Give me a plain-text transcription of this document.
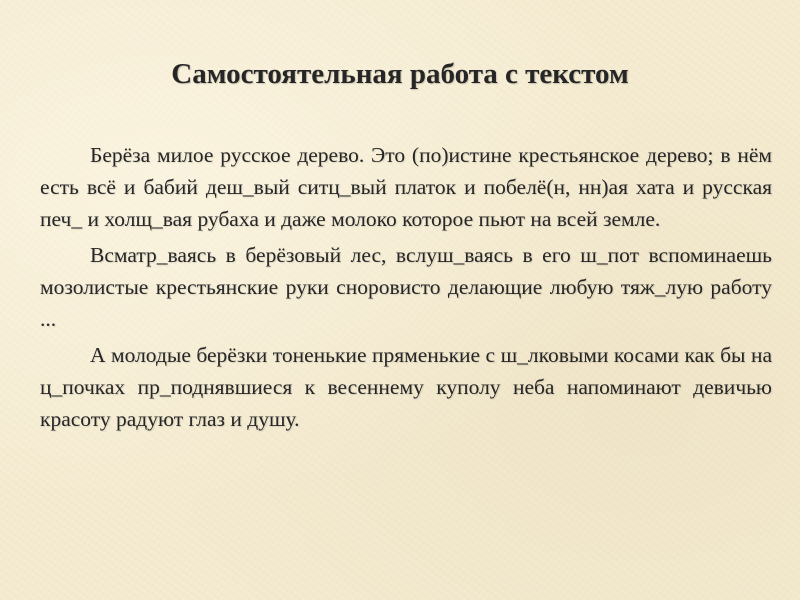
Самостоятельная работа с текстом

Берёза милое русское дерево. Это (по)истине крестьянское дерево; в нём есть всё и бабий деш_вый ситц_вый платок и побелё(н, нн)ая хата и русская печ_ и холщ_вая рубаха и даже молоко которое пьют на всей земле.

Всматр_ваясь в берёзовый лес, вслуш_ваясь в его ш_пот вспоминаешь мозолистые крестьянские руки сноровисто делающие любую тяж_лую работу ...

А молодые берёзки тоненькие пряменькие с ш_лковыми косами как бы на ц_почках пр_поднявшиеся к весеннему куполу неба напоминают девичью красоту радуют глаз и душу.
